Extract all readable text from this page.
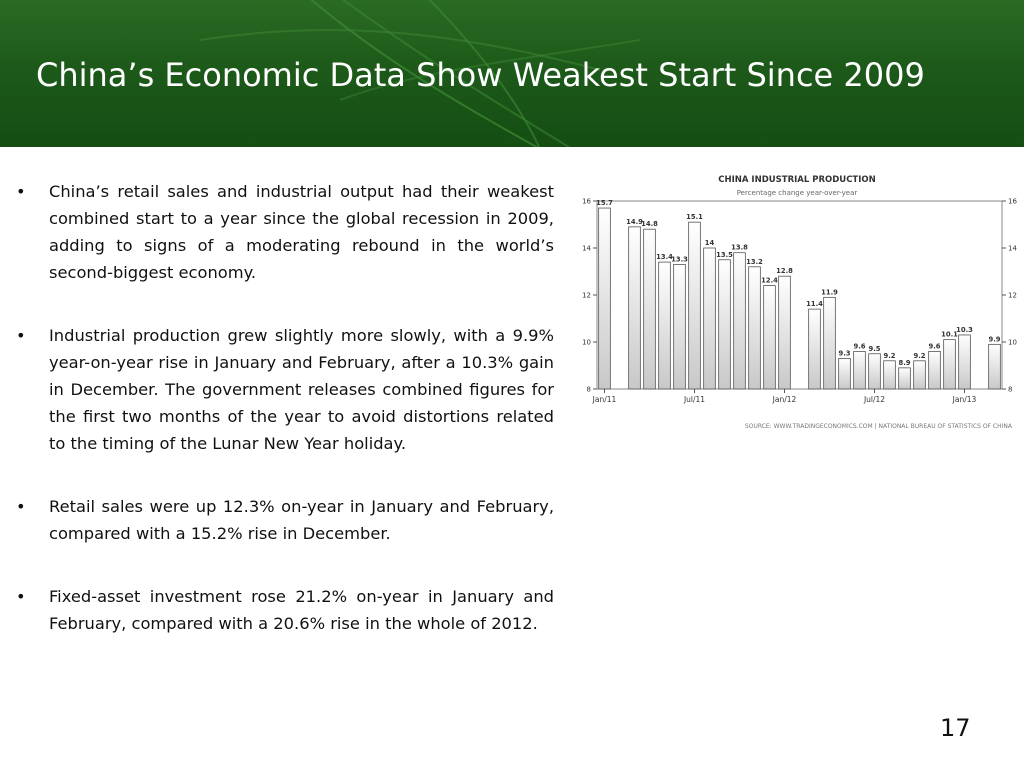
China’s Economic Data Show Weakest Start Since 2009
• China’s retail sales and industrial output had their weakest combined start to a year since the global recession in 2009, adding to signs of a moderating rebound in the world’s second-biggest economy.
• Industrial production grew slightly more slowly, with a 9.9% year-on-year rise in January and February, after a 10.3% gain in December. The government releases combined figures for the first two months of the year to avoid distortions related to the timing of the Lunar New Year holiday.
• Retail sales were up 12.3% on-year in January and February, compared with a 15.2% rise in December.
• Fixed-asset investment rose 21.2% on-year in January and February, compared with a 20.6% rise in the whole of 2012.
CHINA INDUSTRIAL PRODUCTION
Percentage change year-over-year
8	8
10	10
12	12
14	14
16	16
15.7
14.9
14.8
13.4
13.3
15.1
14
13.5
13.8
13.2
12.4
12.8
11.4
11.9
9.3
9.6 9.5
9.2
8.9
9.2
9.6
10.1
10.3
9.9
Jan/11	Jul/11	Jan/12	Jul/12	Jan/13
SOURCE: WWW.TRADINGECONOMICS.COM | NATIONAL BUREAU OF STATISTICS OF CHINA
17
